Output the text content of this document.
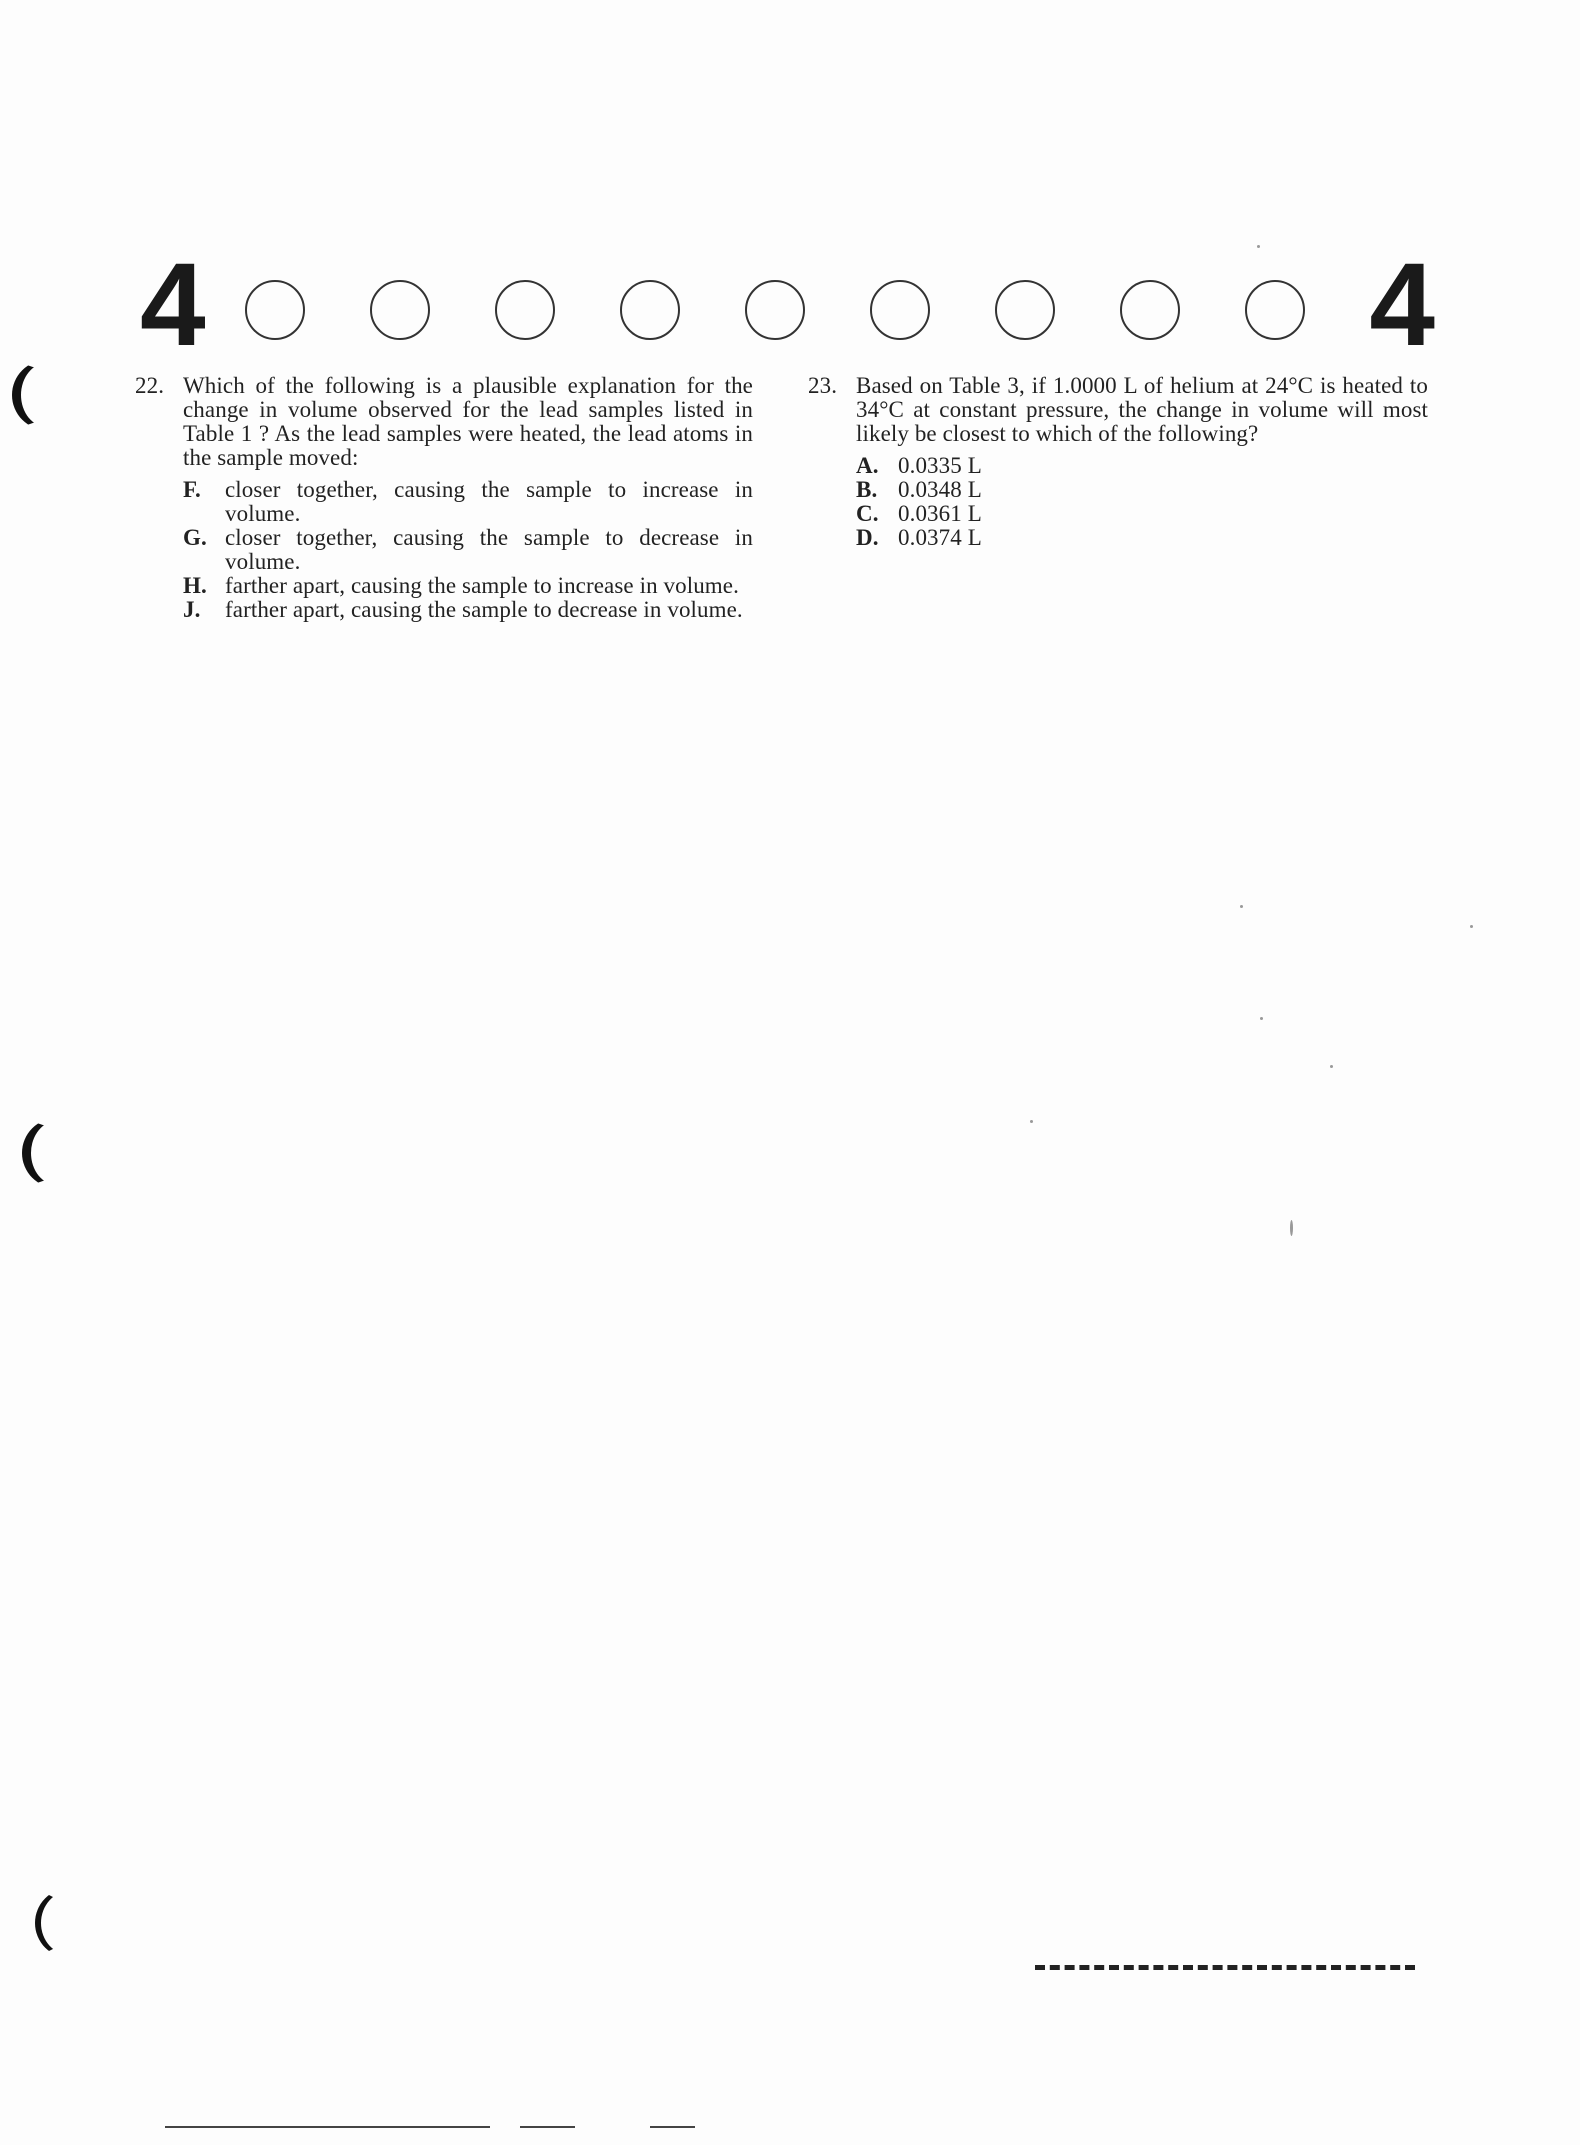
4	4
22. Which of the following is a plausible explanation for the change in volume observed for the lead samples listed in Table 1 ? As the lead samples were heated, the lead atoms in the sample moved:
F. closer together, causing the sample to increase in volume.
G. closer together, causing the sample to decrease in volume.
H. farther apart, causing the sample to increase in volume.
J. farther apart, causing the sample to decrease in volume.
23. Based on Table 3, if 1.0000 L of helium at 24°C is heated to 34°C at constant pressure, the change in volume will most likely be closest to which of the following?
A. 0.0335 L
B. 0.0348 L
C. 0.0361 L
D. 0.0374 L
